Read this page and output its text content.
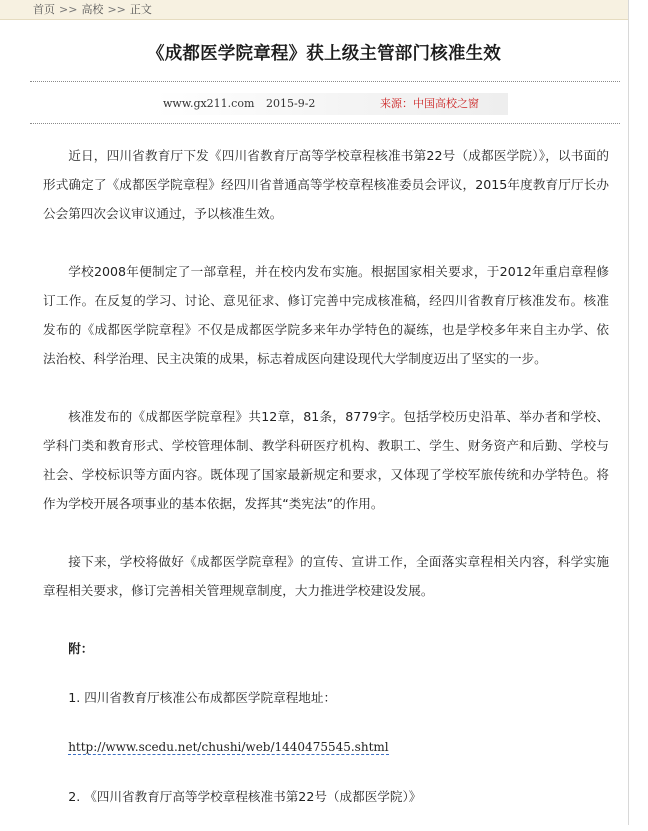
首页 >> 高校 >> 正文
《成都医学院章程》获上级主管部门核准生效
www.gx211.com 2015-9-2	来源：中国高校之窗

近日，四川省教育厅下发《四川省教育厅高等学校章程核准书第22号（成都医学院）》，以书面的形式确定了《成都医学院章程》经四川省普通高等学校章程核准委员会评议，2015年度教育厅厅长办公会第四次会议审议通过，予以核准生效。

学校2008年便制定了一部章程，并在校内发布实施。根据国家相关要求，于2012年重启章程修订工作。在反复的学习、讨论、意见征求、修订完善中完成核准稿，经四川省教育厅核准发布。核准发布的《成都医学院章程》不仅是成都医学院多来年办学特色的凝练，也是学校多年来自主办学、依法治校、科学治理、民主决策的成果，标志着成医向建设现代大学制度迈出了坚实的一步。

核准发布的《成都医学院章程》共12章，81条，8779字。包括学校历史沿革、举办者和学校、学科门类和教育形式、学校管理体制、教学科研医疗机构、教职工、学生、财务资产和后勤、学校与社会、学校标识等方面内容。既体现了国家最新规定和要求，又体现了学校军旅传统和办学特色。将作为学校开展各项事业的基本依据，发挥其“类宪法”的作用。

接下来，学校将做好《成都医学院章程》的宣传、宣讲工作，全面落实章程相关内容，科学实施章程相关要求，修订完善相关管理规章制度，大力推进学校建设发展。

附：

1. 四川省教育厅核准公布成都医学院章程地址：

http://www.scedu.net/chushi/web/1440475545.shtml

2. 《四川省教育厅高等学校章程核准书第22号（成都医学院）》
